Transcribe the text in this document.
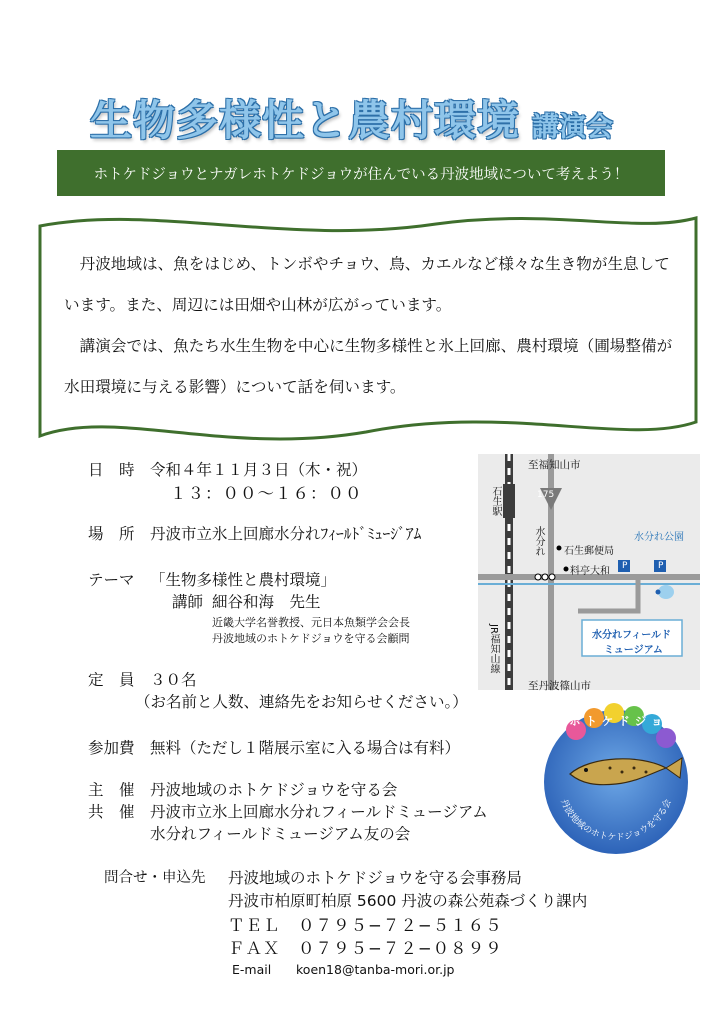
生物多様性と農村環境 講演会
ホトケドジョウとナガレホトケドジョウが住んでいる丹波地域について考えよう！

　丹波地域は、魚をはじめ、トンボやチョウ、鳥、カエルなど様々な生き物が生息して

います。また、周辺には田畑や山林が広がっています。

　講演会では、魚たち水生生物を中心に生物多様性と氷上回廊、農村環境（圃場整備が

水田環境に与える影響）について話を伺います。

日　時 令和４年１１月３日（木・祝）
１３：００〜１６：００
場　所 丹波市立氷上回廊水分れﾌｨｰﾙﾄﾞﾐｭｰｼﾞｱﾑ
テーマ 「生物多様性と農村環境」
講師 細谷和海　先生
近畿大学名誉教授、元日本魚類学会会長
丹波地域のホトケドジョウを守る会顧問
定　員 ３０名
（お名前と人数、連絡先をお知らせください。）
参加費 無料（ただし１階展示室に入る場合は有料）
主　催 丹波地域のホトケドジョウを守る会
共　催 丹波市立氷上回廊水分れフィールドミュージアム
水分れフィールドミュージアム友の会
問合せ・申込先 丹波地域のホトケドジョウを守る会事務局
丹波市柏原町柏原 5600 丹波の森公苑森づくり課内
ＴＥＬ　０７９５−７２−５１６５
ＦＡＸ　０７９５−７２−０８９９
E-mail koen18@tanba-mori.or.jp
至福知山市
175
石生駅
水分れ 石生郵便局
料亭大和 P	P
水分れ公園
水分れフィールド
ミュージアム
JR福知山線
至丹波篠山市
丹波地域のホトケドジョウを守る会
ホトケドジョウ
